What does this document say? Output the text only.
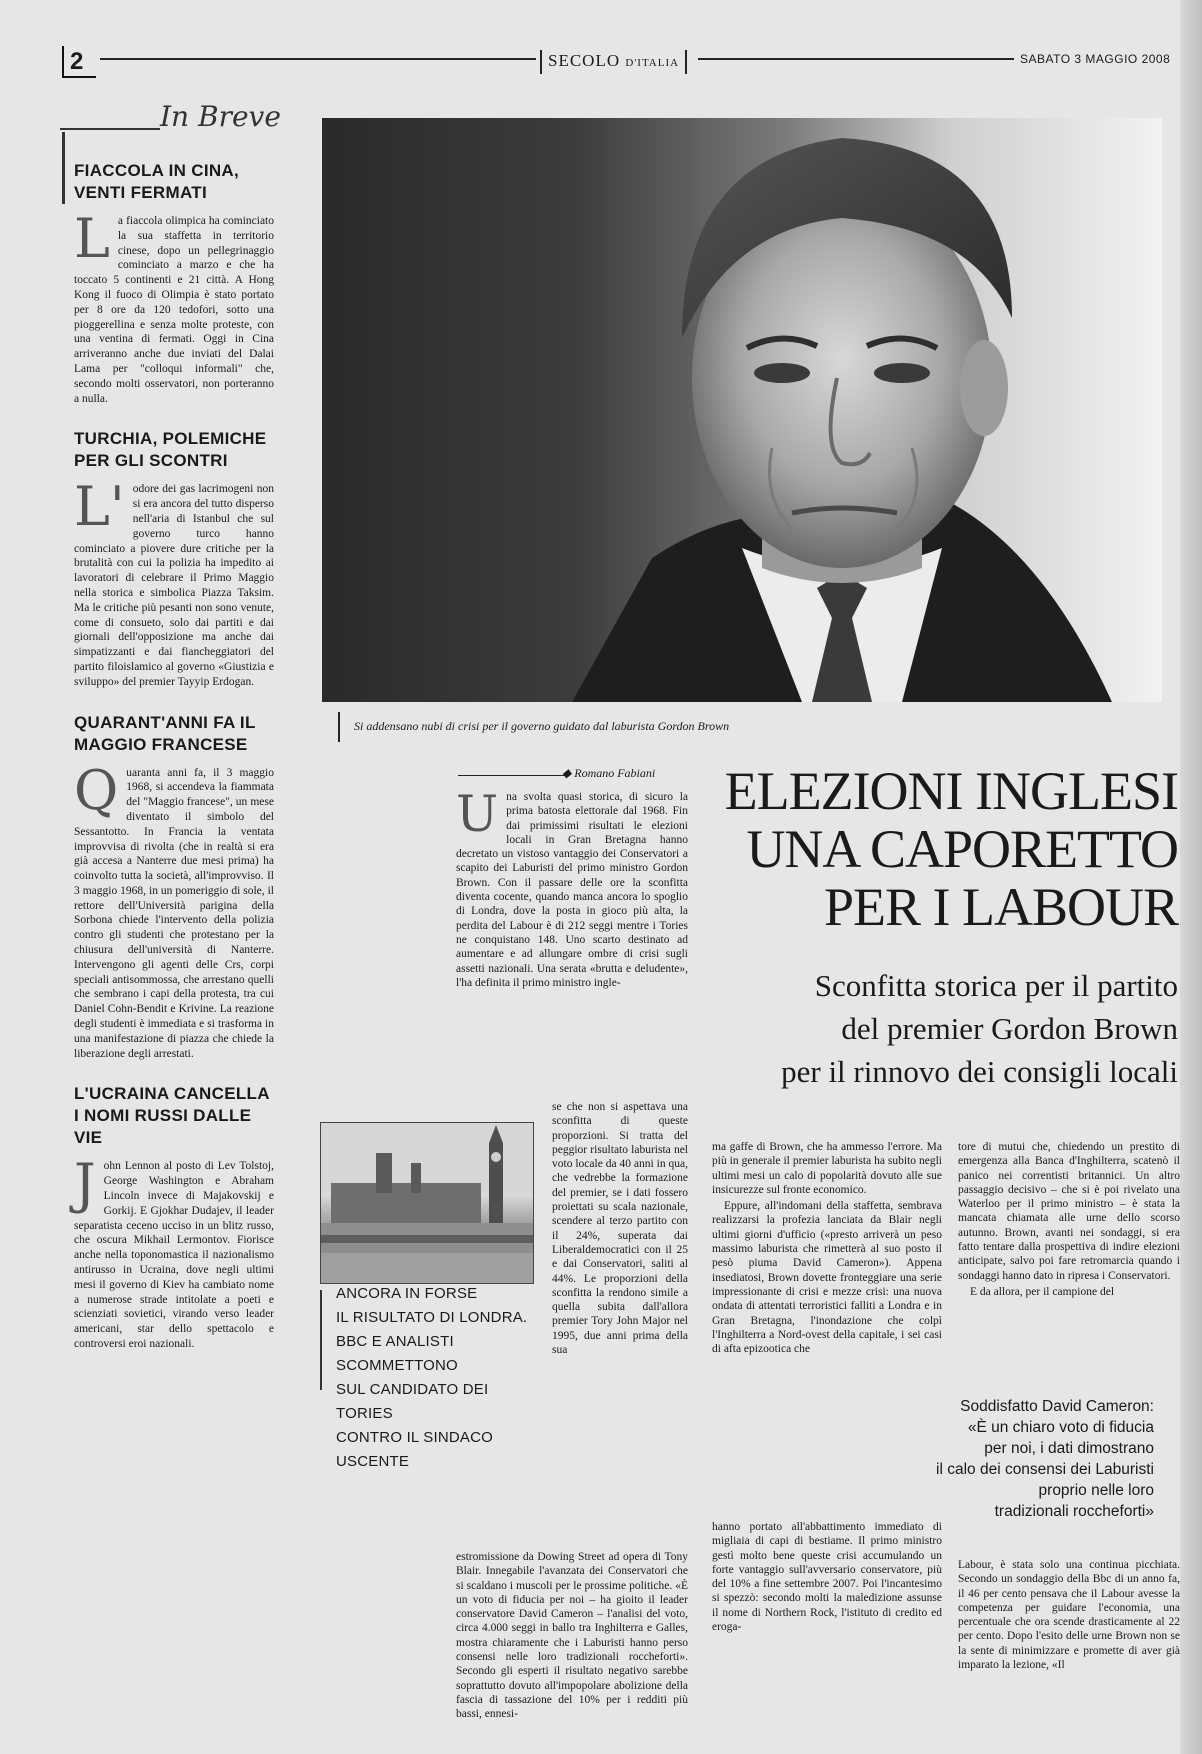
2	SECOLO D'ITALIA	SABATO 3 MAGGIO 2008
In Breve
FIACCOLA IN CINA, VENTI FERMATI

La fiaccola olimpica ha cominciato la sua staffetta in territorio cinese, dopo un pellegrinaggio cominciato a marzo e che ha toccato 5 continenti e 21 città. A Hong Kong il fuoco di Olimpia è stato portato per 8 ore da 120 tedofori, sotto una pioggerellina e senza molte proteste, con una ventina di fermati. Oggi in Cina arriveranno anche due inviati del Dalai Lama per "colloqui informali" che, secondo molti osservatori, non porteranno a nulla.

TURCHIA, POLEMICHE PER GLI SCONTRI

L' odore dei gas lacrimogeni non si era ancora del tutto disperso nell'aria di Istanbul che sul governo turco hanno cominciato a piovere dure critiche per la brutalità con cui la polizia ha impedito ai lavoratori di celebrare il Primo Maggio nella storica e simbolica Piazza Taksim. Ma le critiche più pesanti non sono venute, come di consueto, solo dai partiti e dai giornali dell'opposizione ma anche dai simpatizzanti e dai fiancheggiatori del partito filoislamico al governo «Giustizia e sviluppo» del premier Tayyip Erdogan.

QUARANT'ANNI FA IL MAGGIO FRANCESE

Quaranta anni fa, il 3 maggio 1968, si accendeva la fiammata del "Maggio francese", un mese diventato il simbolo del Sessantotto. In Francia la ventata improvvisa di rivolta (che in realtà si era già accesa a Nanterre due mesi prima) ha coinvolto tutta la società, all'improvviso. Il 3 maggio 1968, in un pomeriggio di sole, il rettore dell'Università parigina della Sorbona chiede l'intervento della polizia contro gli studenti che protestano per la chiusura dell'università di Nanterre. Intervengono gli agenti delle Crs, corpi speciali antisommossa, che arrestano quelli che sembrano i capi della protesta, tra cui Daniel Cohn-Bendit e Krivine. La reazione degli studenti è immediata e si trasforma in una manifestazione di piazza che chiede la liberazione degli arrestati.

L'UCRAINA CANCELLA I NOMI RUSSI DALLE VIE

John Lennon al posto di Lev Tolstoj, George Washington e Abraham Lincoln invece di Majakovskij e Gorkij. E Gjokhar Dudajev, il leader separatista ceceno ucciso in un blitz russo, che oscura Mikhail Lermontov. Fiorisce anche nella toponomastica il nazionalismo antirusso in Ucraina, dove negli ultimi mesi il governo di Kiev ha cambiato nome a numerose strade intitolate a poeti e scienziati sovietici, virando verso leader americani, star dello spettacolo e controversi eroi nazionali.

Si addensano nubi di crisi per il governo guidato dal laburista Gordon Brown
◆ Romano Fabiani	ELEZIONI INGLESI
UNA CAPORETTO
PER I LABOUR
Sconfitta storica per il partito
del premier Gordon Brown
per il rinnovo dei consigli locali

Una svolta quasi storica, di sicuro la prima batosta elettorale dal 1968. Fin dai primissimi risultati le elezioni locali in Gran Bretagna hanno decretato un vistoso vantaggio dei Conservatori a scapito dei Laburisti del primo ministro Gordon Brown. Con il passare delle ore la sconfitta diventa cocente, quando manca ancora lo spoglio di Londra, dove la posta in gioco più alta, la perdita del Labour è di 212 seggi mentre i Tories ne conquistano 148. Uno scarto destinato ad aumentare e ad allungare ombre di crisi sugli assetti nazionali. Una serata «brutta e deludente», l'ha definita il primo ministro ingle-

se che non si aspettava una sconfitta di queste proporzioni. Si tratta del peggior risultato laburista nel voto locale da 40 anni in qua, che vedrebbe la formazione del premier, se i dati fossero proiettati su scala nazionale, scendere al terzo partito con il 24%, superata dai Liberaldemocratici con il 25 e dai Conservatori, saliti al 44%. Le proporzioni della sconfitta la rendono simile a quella subita dall'allora premier Tory John Major nel 1995, due anni prima della sua

estromissione da Dowing Street ad opera di Tony Blair. Innegabile l'avanzata dei Conservatori che si scaldano i muscoli per le prossime politiche. «È un voto di fiducia per noi – ha gioito il leader conservatore David Cameron – l'analisi del voto, circa 4.000 seggi in ballo tra Inghilterra e Galles, mostra chiaramente che i Laburisti hanno perso consensi nelle loro tradizionali roccheforti». Secondo gli esperti il risultato negativo sarebbe soprattutto dovuto all'impopolare abolizione della fascia di tassazione del 10% per i redditi più bassi, ennesi-

ANCORA IN FORSE
IL RISULTATO DI LONDRA.
BBC E ANALISTI
SCOMMETTONO
SUL CANDIDATO DEI TORIES
CONTRO IL SINDACO USCENTE

ma gaffe di Brown, che ha ammesso l'errore. Ma più in generale il premier laburista ha subito negli ultimi mesi un calo di popolarità dovuto alle sue insicurezze sul fronte economico.

Eppure, all'indomani della staffetta, sembrava realizzarsi la profezia lanciata da Blair negli ultimi giorni d'ufficio («presto arriverà un peso massimo laburista che rimetterà al suo posto il pesò piuma David Cameron»). Appena insediatosi, Brown dovette fronteggiare una serie impressionante di crisi e mezze crisi: una nuova ondata di attentati terroristici falliti a Londra e in Gran Bretagna, l'inondazione che colpì l'Inghilterra a Nord-ovest della capitale, i sei casi di afta epizootica che

hanno portato all'abbattimento immediato di migliaia di capi di bestiame. Il primo ministro gestì molto bene queste crisi accumulando un forte vantaggio sull'avversario conservatore, più del 10% a fine settembre 2007. Poi l'incantesimo si spezzò: secondo molti la maledizione assunse il nome di Northern Rock, l'istituto di credito ed eroga-

tore di mutui che, chiedendo un prestito di emergenza alla Banca d'Inghilterra, scatenò il panico nei correntisti britannici. Un altro passaggio decisivo – che si è poi rivelato una Waterloo per il primo ministro – è stata la mancata chiamata alle urne dello scorso autunno. Brown, avanti nei sondaggi, si era fatto tentare dalla prospettiva di indire elezioni anticipate, salvo poi fare retromarcia quando i sondaggi hanno dato in ripresa i Conservatori.

E da allora, per il campione del

Labour, è stata solo una continua picchiata. Secondo un sondaggio della Bbc di un anno fa, il 46 per cento pensava che il Labour avesse la competenza per guidare l'economia, una percentuale che ora scende drasticamente al 22 per cento. Dopo l'esito delle urne Brown non se la sente di minimizzare e promette di aver già imparato la lezione, «Il

Soddisfatto David Cameron:
«È un chiaro voto di fiducia
per noi, i dati dimostrano
il calo dei consensi dei Laburisti
proprio nelle loro
tradizionali roccheforti»
